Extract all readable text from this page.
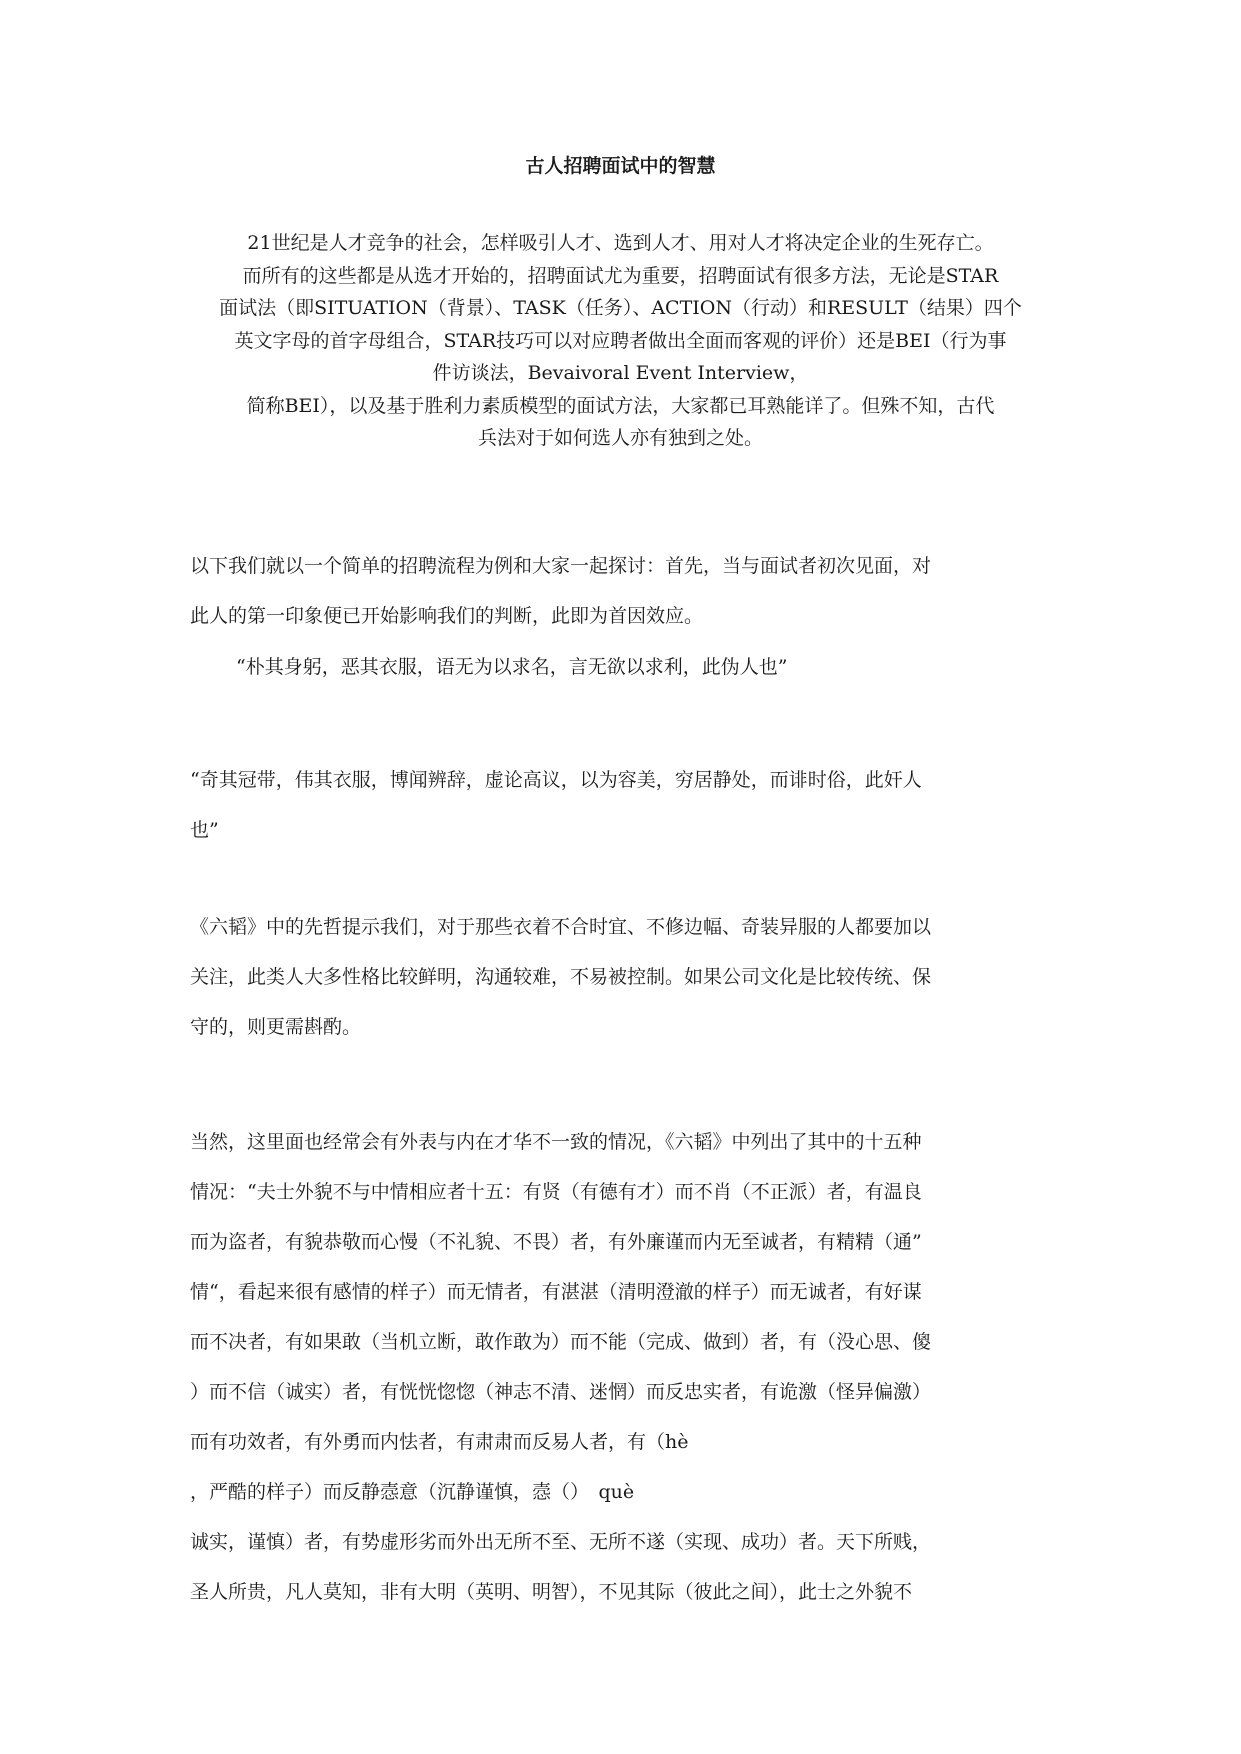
古人招聘面试中的智慧
21世纪是人才竞争的社会，怎样吸引人才、选到人才、用对人才将决定企业的生死存亡。
而所有的这些都是从选才开始的，招聘面试尤为重要，招聘面试有很多方法，无论是STAR
面试法（即SITUATION（背景）、TASK（任务）、ACTION（行动）和RESULT（结果）四个
英文字母的首字母组合，STAR技巧可以对应聘者做出全面而客观的评价）还是BEI（行为事
件访谈法，Bevaivoral Event Interview，
简称BEI），以及基于胜利力素质模型的面试方法，大家都已耳熟能详了。但殊不知，古代
兵法对于如何选人亦有独到之处。
以下我们就以一个简单的招聘流程为例和大家一起探讨：首先，当与面试者初次见面，对
此人的第一印象便已开始影响我们的判断，此即为首因效应。
“朴其身躬，恶其衣服，语无为以求名，言无欲以求利，此伪人也”
“奇其冠带，伟其衣服，博闻辨辞，虚论高议，以为容美，穷居静处，而诽时俗，此奸人
也”
《六韬》中的先哲提示我们，对于那些衣着不合时宜、不修边幅、奇装异服的人都要加以
关注，此类人大多性格比较鲜明，沟通较难，不易被控制。如果公司文化是比较传统、保
守的，则更需斟酌。
当然，这里面也经常会有外表与内在才华不一致的情况，《六韬》中列出了其中的十五种
情况：“夫士外貌不与中情相应者十五：有贤（有德有才）而不肖（不正派）者，有温良
而为盗者，有貌恭敬而心慢（不礼貌、不畏）者，有外廉谨而内无至诚者，有精精（通”
情“，看起来很有感情的样子）而无情者，有湛湛（清明澄澈的样子）而无诚者，有好谋
而不决者，有如果敢（当机立断，敢作敢为）而不能（完成、做到）者，有（没心思、傻
）而不信（诚实）者，有恍恍惚惚（神志不清、迷惘）而反忠实者，有诡激（怪异偏激）
而有功效者，有外勇而内怯者，有肃肃而反易人者，有（hè
，严酷的样子）而反静悫意（沉静谨慎，悫（）　què
诚实，谨慎）者，有势虚形劣而外出无所不至、无所不遂（实现、成功）者。天下所贱，
圣人所贵，凡人莫知，非有大明（英明、明智），不见其际（彼此之间），此士之外貌不
